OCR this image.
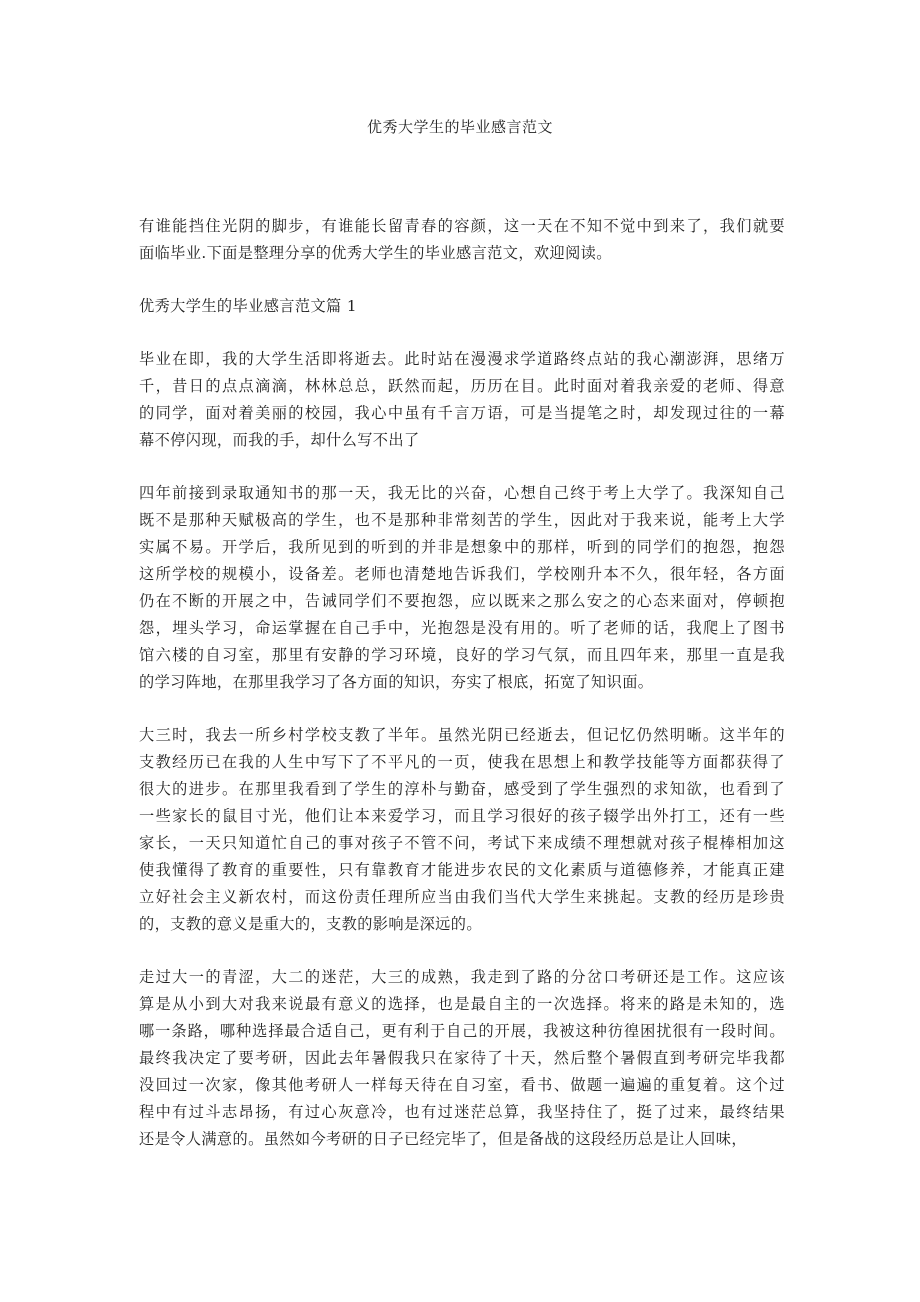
优秀大学生的毕业感言范文

有谁能挡住光阴的脚步，有谁能长留青春的容颜，这一天在不知不觉中到来了，我们就要
面临毕业.下面是整理分享的优秀大学生的毕业感言范文，欢迎阅读。

优秀大学生的毕业感言范文篇 1

毕业在即，我的大学生活即将逝去。此时站在漫漫求学道路终点站的我心潮澎湃，思绪万
千，昔日的点点滴滴，林林总总，跃然而起，历历在目。此时面对着我亲爱的老师、得意
的同学，面对着美丽的校园，我心中虽有千言万语，可是当提笔之时，却发现过往的一幕
幕不停闪现，而我的手，却什么写不出了

四年前接到录取通知书的那一天，我无比的兴奋，心想自己终于考上大学了。我深知自己
既不是那种天赋极高的学生，也不是那种非常刻苦的学生，因此对于我来说，能考上大学
实属不易。开学后，我所见到的听到的并非是想象中的那样，听到的同学们的抱怨，抱怨
这所学校的规模小，设备差。老师也清楚地告诉我们，学校刚升本不久，很年轻，各方面
仍在不断的开展之中，告诫同学们不要抱怨，应以既来之那么安之的心态来面对，停顿抱
怨，埋头学习，命运掌握在自己手中，光抱怨是没有用的。听了老师的话，我爬上了图书
馆六楼的自习室，那里有安静的学习环境，良好的学习气氛，而且四年来，那里一直是我
的学习阵地，在那里我学习了各方面的知识，夯实了根底，拓宽了知识面。

大三时，我去一所乡村学校支教了半年。虽然光阴已经逝去，但记忆仍然明晰。这半年的
支教经历已在我的人生中写下了不平凡的一页，使我在思想上和教学技能等方面都获得了
很大的进步。在那里我看到了学生的淳朴与勤奋，感受到了学生强烈的求知欲，也看到了
一些家长的鼠目寸光，他们让本来爱学习，而且学习很好的孩子辍学出外打工，还有一些
家长，一天只知道忙自己的事对孩子不管不问，考试下来成绩不理想就对孩子棍棒相加这
使我懂得了教育的重要性，只有靠教育才能进步农民的文化素质与道德修养，才能真正建
立好社会主义新农村，而这份责任理所应当由我们当代大学生来挑起。支教的经历是珍贵
的，支教的意义是重大的，支教的影响是深远的。

走过大一的青涩，大二的迷茫，大三的成熟，我走到了路的分岔口考研还是工作。这应该
算是从小到大对我来说最有意义的选择，也是最自主的一次选择。将来的路是未知的，选
哪一条路，哪种选择最合适自己，更有利于自己的开展，我被这种彷徨困扰很有一段时间。
最终我决定了要考研，因此去年暑假我只在家待了十天，然后整个暑假直到考研完毕我都
没回过一次家，像其他考研人一样每天待在自习室，看书、做题一遍遍的重复着。这个过
程中有过斗志昂扬，有过心灰意冷，也有过迷茫总算，我坚持住了，挺了过来，最终结果
还是令人满意的。虽然如今考研的日子已经完毕了，但是备战的这段经历总是让人回味，
